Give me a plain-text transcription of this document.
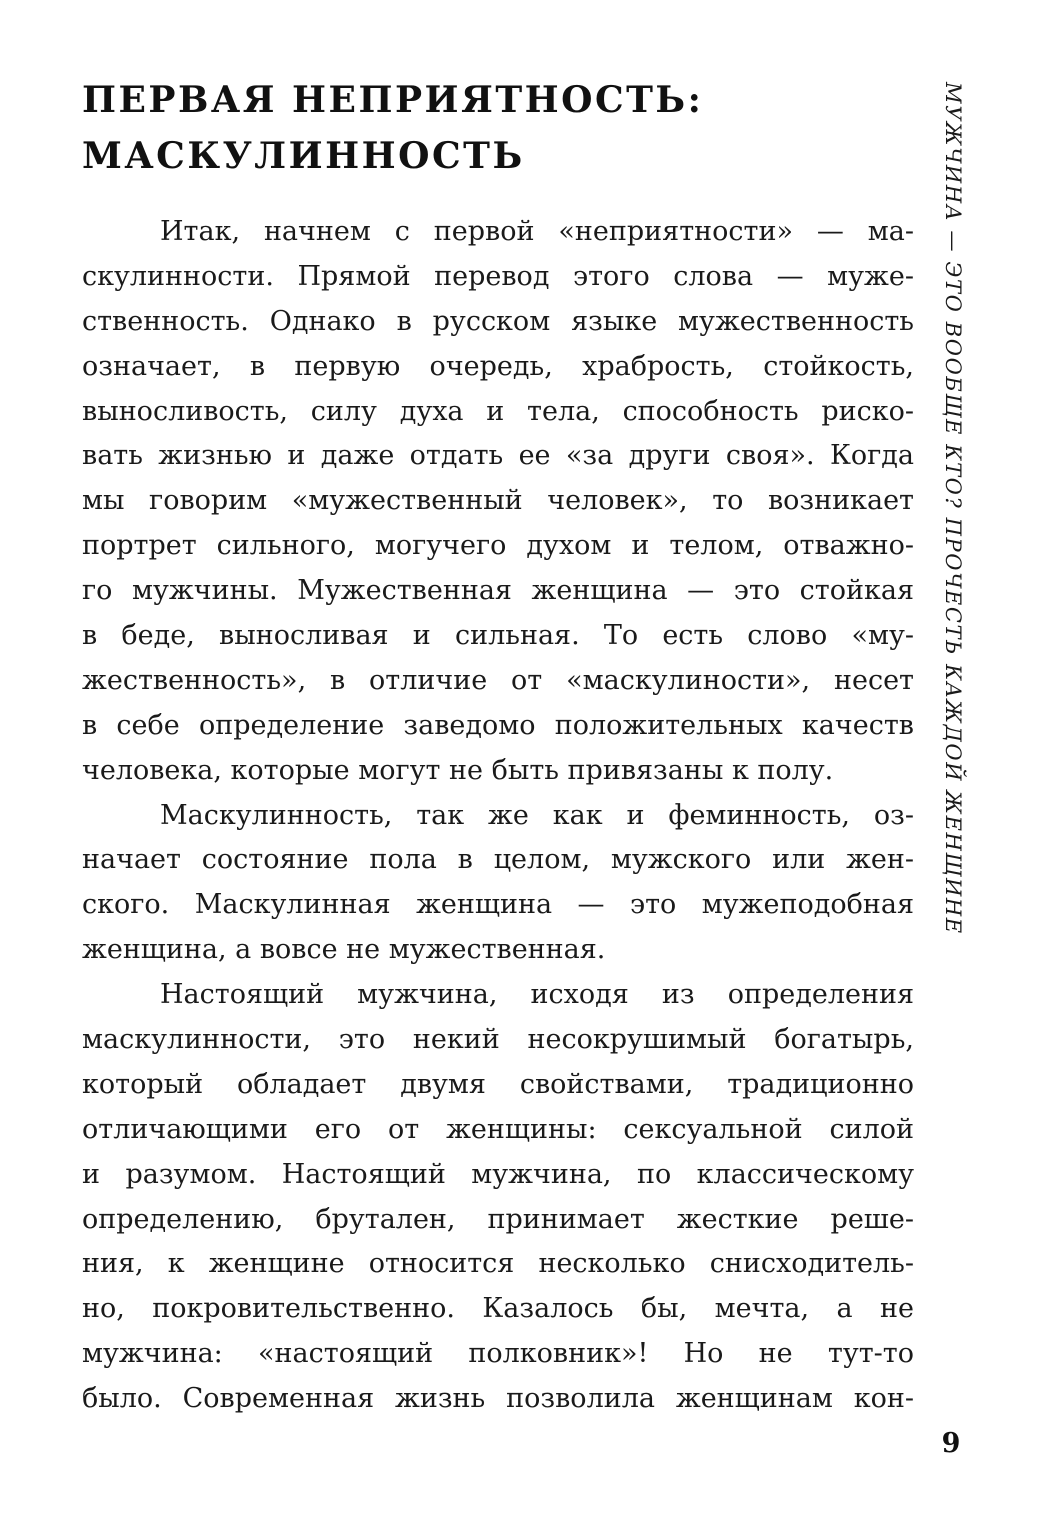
ПЕРВАЯ НЕПРИЯТНОСТЬ:
МАСКУЛИННОСТЬ
Итак, начнем с первой «неприятности» — ма-
скулинности. Прямой перевод этого слова — муже-
ственность. Однако в русском языке мужественность
означает, в первую очередь, храбрость, стойкость,
выносливость, силу духа и тела, способность риско-
вать жизнью и даже отдать ее «за други своя». Когда
мы говорим «мужественный человек», то возникает
портрет сильного, могучего духом и телом, отважно-
го мужчины. Мужественная женщина — это стойкая
в беде, выносливая и сильная. То есть слово «му-
жественность», в отличие от «маскулиности», несет
в себе определение заведомо положительных качеств
человека, которые могут не быть привязаны к полу.
Маскулинность, так же как и феминность, оз-
начает состояние пола в целом, мужского или жен-
ского. Маскулинная женщина — это мужеподобная
женщина, а вовсе не мужественная.
Настоящий мужчина, исходя из определения
маскулинности, это некий несокрушимый богатырь,
который обладает двумя свойствами, традиционно
отличающими его от женщины: сексуальной силой
и разумом. Настоящий мужчина, по классическому
определению, брутален, принимает жесткие реше-
ния, к женщине относится несколько снисходитель-
но, покровительственно. Казалось бы, мечта, а не
мужчина: «настоящий полковник»! Но не тут-то
было. Современная жизнь позволила женщинам кон-
МУЖЧИНА — ЭТО ВООБЩЕ КТО? ПРОЧЕСТЬ КАЖДОЙ ЖЕНЩИНЕ
9
